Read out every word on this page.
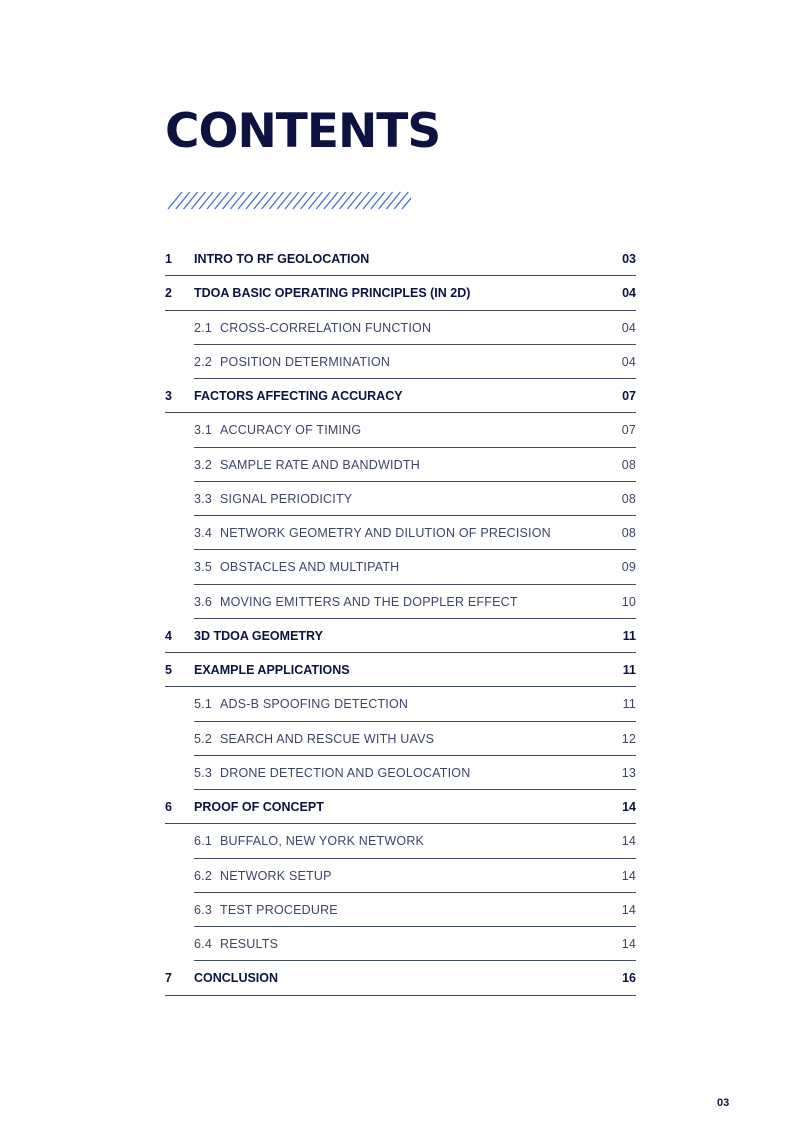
CONTENTS
1	INTRO TO RF GEOLOCATION	03
2	TDOA BASIC OPERATING PRINCIPLES (IN 2D)	04
2.1 CROSS-CORRELATION FUNCTION	04
2.2 POSITION DETERMINATION	04
3	FACTORS AFFECTING ACCURACY	07
3.1 ACCURACY OF TIMING	07
3.2 SAMPLE RATE AND BANDWIDTH	08
3.3 SIGNAL PERIODICITY	08
3.4 NETWORK GEOMETRY AND DILUTION OF PRECISION	08
3.5 OBSTACLES AND MULTIPATH	09
3.6 MOVING EMITTERS AND THE DOPPLER EFFECT	10
4	3D TDOA GEOMETRY	11
5	EXAMPLE APPLICATIONS	11
5.1 ADS-B SPOOFING DETECTION	11
5.2 SEARCH AND RESCUE WITH UAVS	12
5.3 DRONE DETECTION AND GEOLOCATION	13
6	PROOF OF CONCEPT	14
6.1 BUFFALO, NEW YORK NETWORK	14
6.2 NETWORK SETUP	14
6.3 TEST PROCEDURE	14
6.4 RESULTS	14
7	CONCLUSION	16
03
